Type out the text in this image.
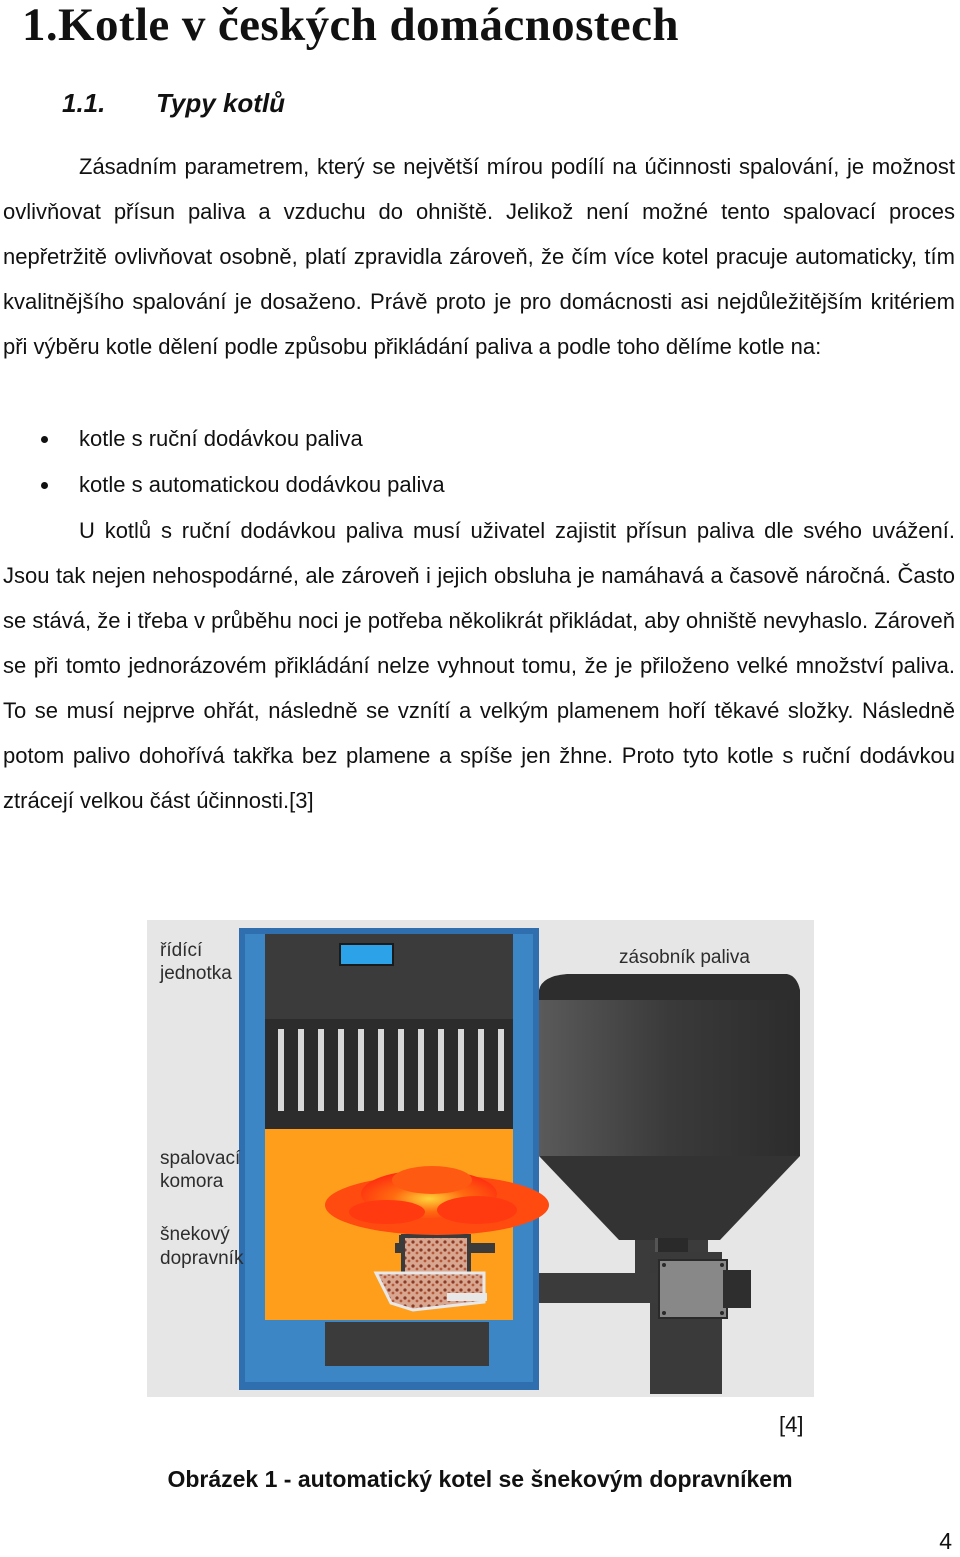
1.Kotle v českých domácnostech
1.1. Typy kotlů

Zásadním parametrem, který se největší mírou podílí na účinnosti spalování, je možnost ovlivňovat přísun paliva a vzduchu do ohniště. Jelikož není možné tento spalovací proces nepřetržitě ovlivňovat osobně, platí zpravidla zároveň, že čím více kotel pracuje automaticky, tím kvalitnějšího spalování je dosaženo. Právě proto je pro domácnosti asi nejdůležitějším kritériem při výběru kotle dělení podle způsobu přikládání paliva a podle toho dělíme kotle na:

kotle s ruční dodávkou paliva
kotle s automatickou dodávkou paliva

U kotlů s ruční dodávkou paliva musí uživatel zajistit přísun paliva dle svého uvážení. Jsou tak nejen nehospodárné, ale zároveň i jejich obsluha je namáhavá a časově náročná. Často se stává, že i třeba v průběhu noci je potřeba několikrát přikládat, aby ohniště nevyhaslo. Zároveň se při tomto jednorázovém přikládání nelze vyhnout tomu, že je přiloženo velké množství paliva. To se musí nejprve ohřát, následně se vznítí a velkým plamenem hoří těkavé složky. Následně potom palivo dohořívá takřka bez plamene a spíše jen žhne. Proto tyto kotle s ruční dodávkou ztrácejí velkou část účinnosti.[3]

řídící
jednotka
zásobník paliva
spalovací
komora
šnekový
dopravník
[4]
Obrázek 1 - automatický kotel se šnekovým dopravníkem
4
